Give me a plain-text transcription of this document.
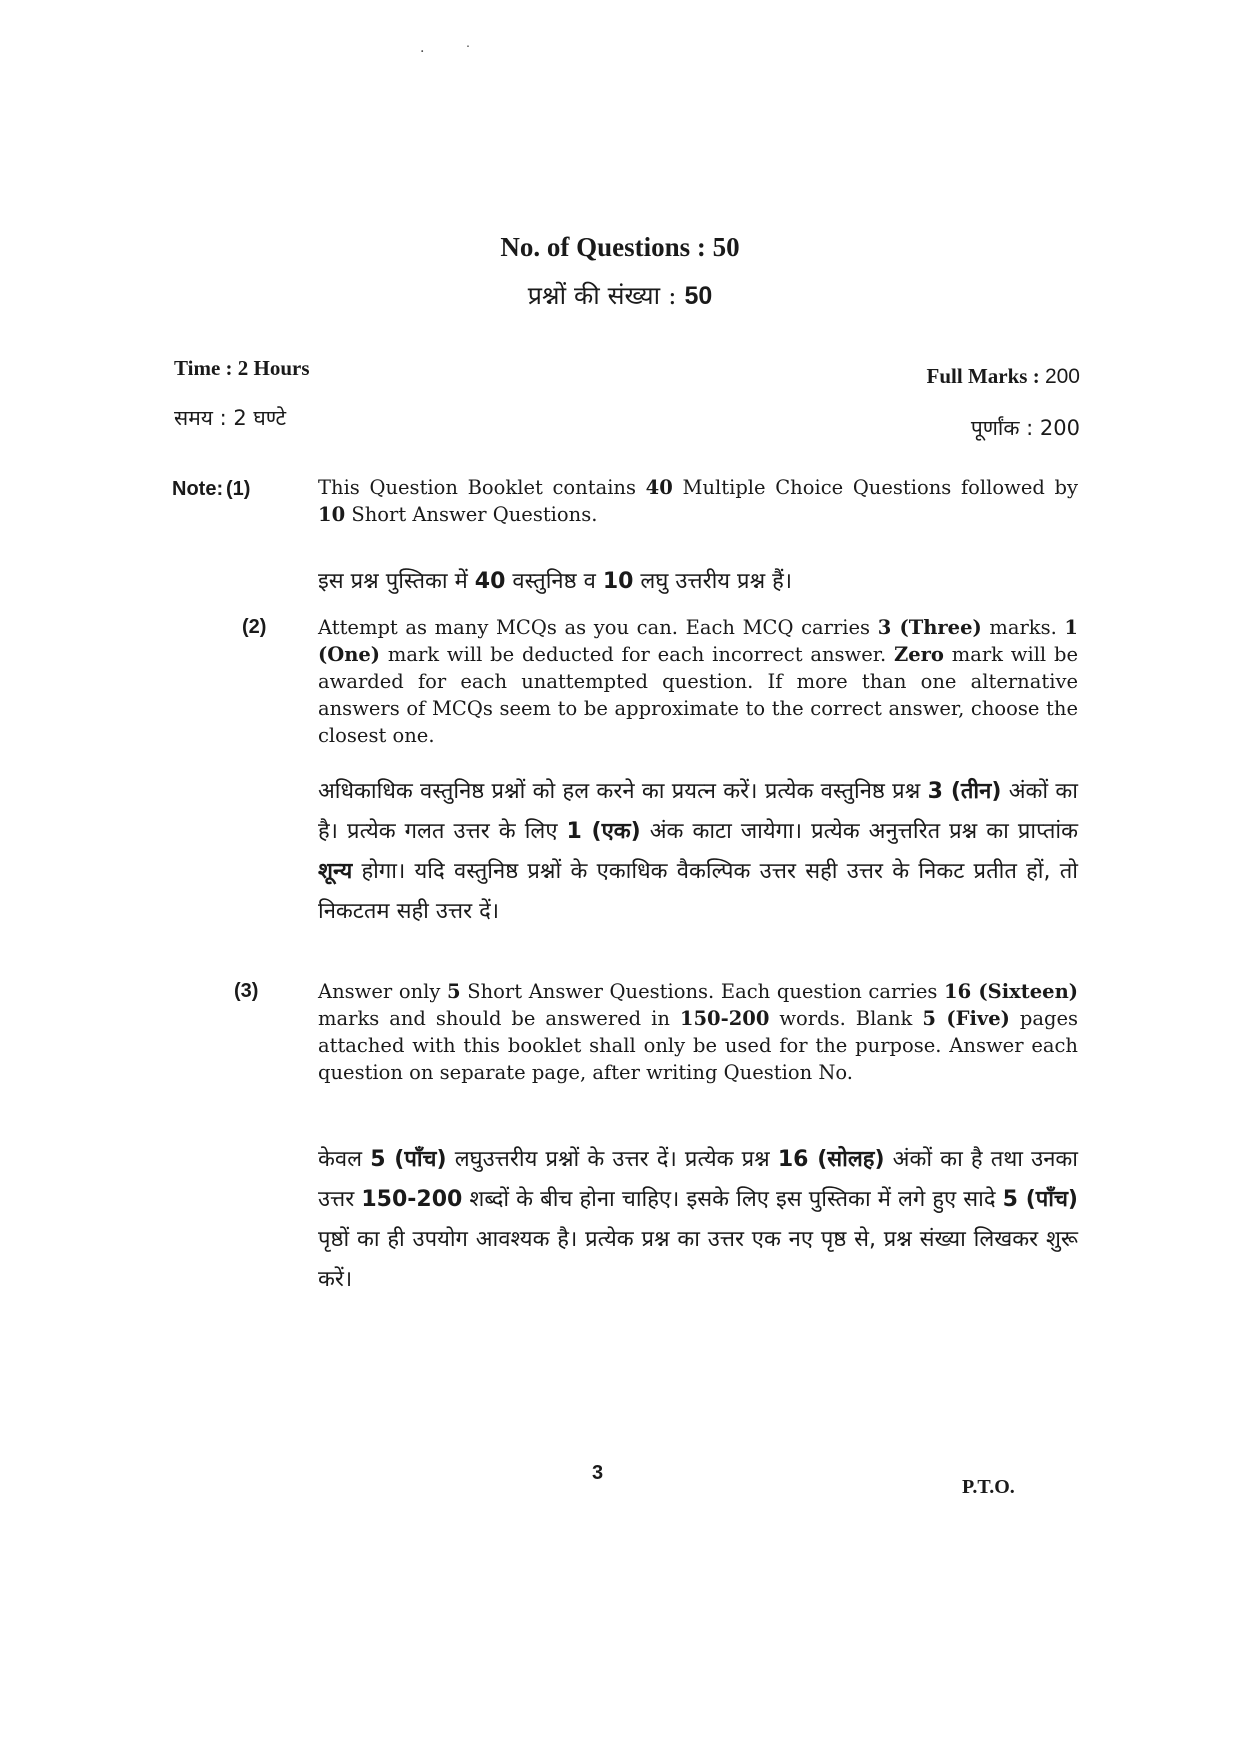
·˙
No. of Questions : 50
प्रश्नों की संख्या : 50
Time : 2 Hours
समय : 2 घण्टे
Full Marks : 200
पूर्णांक : 200
Note: (1)	This Question Booklet contains 40 Multiple Choice Questions followed by 10 Short Answer Questions.
इस प्रश्न पुस्तिका में 40 वस्तुनिष्ठ व 10 लघु उत्तरीय प्रश्न हैं।
(2)	Attempt as many MCQs as you can. Each MCQ carries 3 (Three) marks. 1 (One) mark will be deducted for each incorrect answer. Zero mark will be awarded for each unattempted question. If more than one alternative answers of MCQs seem to be approximate to the correct answer, choose the closest one.
अधिकाधिक वस्तुनिष्ठ प्रश्नों को हल करने का प्रयत्न करें। प्रत्येक वस्तुनिष्ठ प्रश्न 3 (तीन) अंकों का है। प्रत्येक गलत उत्तर के लिए 1 (एक) अंक काटा जायेगा। प्रत्येक अनुत्तरित प्रश्न का प्राप्तांक शून्य होगा। यदि वस्तुनिष्ठ प्रश्नों के एकाधिक वैकल्पिक उत्तर सही उत्तर के निकट प्रतीत हों, तो निकटतम सही उत्तर दें।
(3)	Answer only 5 Short Answer Questions. Each question carries 16 (Sixteen) marks and should be answered in 150-200 words. Blank 5 (Five) pages attached with this booklet shall only be used for the purpose. Answer each question on separate page, after writing Question No.
केवल 5 (पाँच) लघुउत्तरीय प्रश्नों के उत्तर दें। प्रत्येक प्रश्न 16 (सोलह) अंकों का है तथा उनका उत्तर 150-200 शब्दों के बीच होना चाहिए। इसके लिए इस पुस्तिका में लगे हुए सादे 5 (पाँच) पृष्ठों का ही उपयोग आवश्यक है। प्रत्येक प्रश्न का उत्तर एक नए पृष्ठ से, प्रश्न संख्या लिखकर शुरू करें।
3
P.T.O.
